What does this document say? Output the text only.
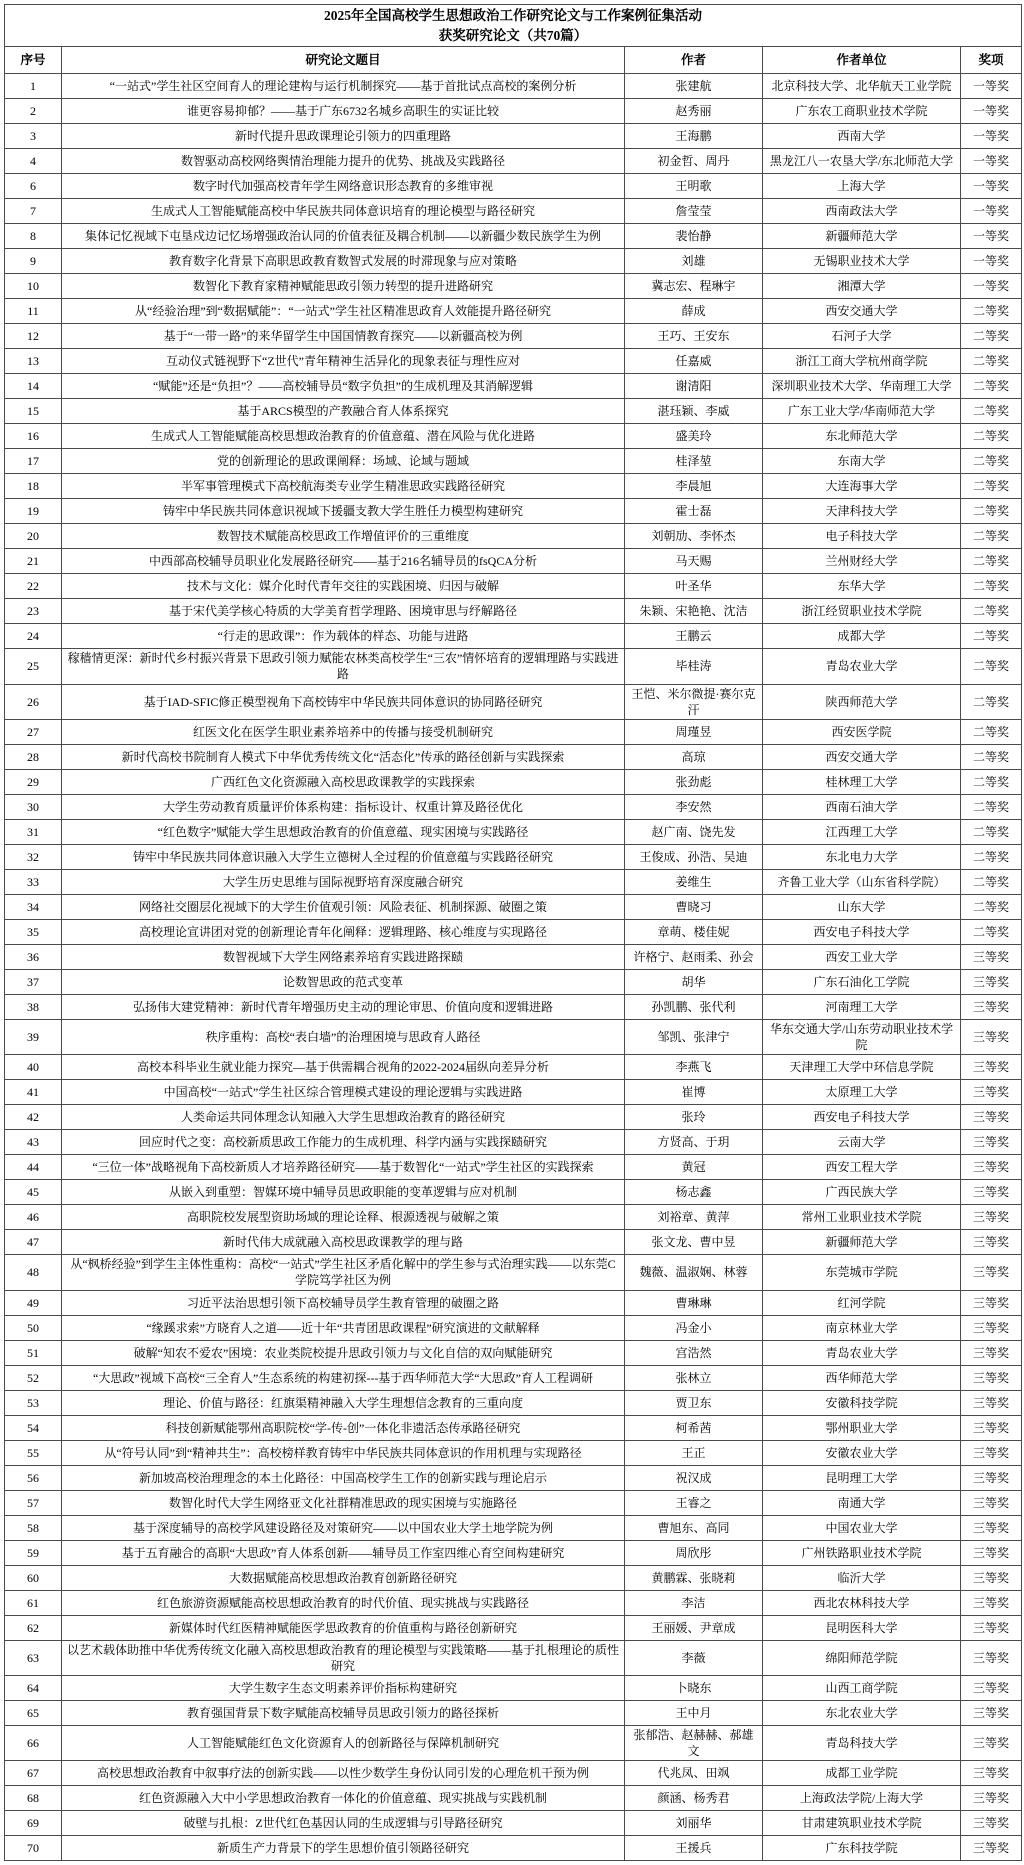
2025年全国高校学生思想政治工作研究论文与工作案例征集活动
获奖研究论文（共70篇）				

序号	研究论文题目	作者	作者单位	奖项
1	“一站式”学生社区空间育人的理论建构与运行机制探究——基于首批试点高校的案例分析	张建航	北京科技大学、北华航天工业学院	一等奖
2	谁更容易抑郁？——基于广东6732名城乡高职生的实证比较	赵秀丽	广东农工商职业技术学院	一等奖
3	新时代提升思政课理论引领力的四重理路	王海鹏	西南大学	一等奖
4	数智驱动高校网络舆情治理能力提升的优势、挑战及实践路径	初金哲、周丹	黑龙江八一农垦大学/东北师范大学	一等奖
6	数字时代加强高校青年学生网络意识形态教育的多维审视	王明歌	上海大学	一等奖
7	生成式人工智能赋能高校中华民族共同体意识培育的理论模型与路径研究	詹莹莹	西南政法大学	一等奖
8	集体记忆视域下屯垦戍边记忆场增强政治认同的价值表征及耦合机制——以新疆少数民族学生为例	裴怡静	新疆师范大学	一等奖
9	教育数字化背景下高职思政教育数智式发展的时滞现象与应对策略	刘雄	无锡职业技术大学	一等奖
10	数智化下教育家精神赋能思政引领力转型的提升进路研究	冀志宏、程琳宇	湘潭大学	一等奖
11	从“经验治理”到“数据赋能”：“一站式”学生社区精准思政育人效能提升路径研究	薛成	西安交通大学	二等奖
12	基于“一带一路”的来华留学生中国国情教育探究——以新疆高校为例	王巧、王安东	石河子大学	二等奖
13	互动仪式链视野下“Z世代”青年精神生活异化的现象表征与理性应对	任嘉威	浙江工商大学杭州商学院	二等奖
14	“赋能”还是“负担”？——高校辅导员“数字负担”的生成机理及其消解逻辑	谢清阳	深圳职业技术大学、华南理工大学	二等奖
15	基于ARCS模型的产教融合育人体系探究	湛珏颖、李威	广东工业大学/华南师范大学	二等奖
16	生成式人工智能赋能高校思想政治教育的价值意蕴、潜在风险与优化进路	盛美玲	东北师范大学	二等奖
17	党的创新理论的思政课阐释：场域、论域与题域	桂泽堃	东南大学	二等奖
18	半军事管理模式下高校航海类专业学生精准思政实践路径研究	李晨旭	大连海事大学	二等奖
19	铸牢中华民族共同体意识视域下援疆支教大学生胜任力模型构建研究	霍士磊	天津科技大学	二等奖
20	数智技术赋能高校思政工作增值评价的三重维度	刘朝劢、李怀杰	电子科技大学	二等奖
21	中西部高校辅导员职业化发展路径研究——基于216名辅导员的fsQCA分析	马天赐	兰州财经大学	二等奖
22	技术与文化：媒介化时代青年交往的实践困境、归因与破解	叶圣华	东华大学	二等奖
23	基于宋代美学核心特质的大学美育哲学理路、困境审思与纾解路径	朱颖、宋艳艳、沈洁	浙江经贸职业技术学院	二等奖
24	“行走的思政课”：作为载体的样态、功能与进路	王鹏云	成都大学	二等奖
25	稼穑情更深：新时代乡村振兴背景下思政引领力赋能农林类高校学生“三农”情怀培育的逻辑理路与实践进路	毕桂涛	青岛农业大学	二等奖
26	基于IAD-SFIC修正模型视角下高校铸牢中华民族共同体意识的协同路径研究	王恺、米尔微提·赛尔克汗	陕西师范大学	二等奖
27	红医文化在医学生职业素养培养中的传播与接受机制研究	周瑾昱	西安医学院	二等奖
28	新时代高校书院制育人模式下中华优秀传统文化“活态化”传承的路径创新与实践探索	高琼	西安交通大学	二等奖
29	广西红色文化资源融入高校思政课教学的实践探索	张劲彪	桂林理工大学	二等奖
30	大学生劳动教育质量评价体系构建：指标设计、权重计算及路径优化	李安然	西南石油大学	二等奖
31	“红色数字”赋能大学生思想政治教育的价值意蕴、现实困境与实践路径	赵广南、饶先发	江西理工大学	二等奖
32	铸牢中华民族共同体意识融入大学生立德树人全过程的价值意蕴与实践路径研究	王俊成、孙浩、吴迪	东北电力大学	二等奖
33	大学生历史思维与国际视野培育深度融合研究	姜维生	齐鲁工业大学（山东省科学院）	二等奖
34	网络社交圈层化视域下的大学生价值观引领：风险表征、机制探源、破圈之策	曹晓习	山东大学	二等奖
35	高校理论宣讲团对党的创新理论青年化阐释：逻辑理路、核心维度与实现路径	章萌、楼佳妮	西安电子科技大学	二等奖
36	数智视域下大学生网络素养培育实践进路探赜	许格宁、赵雨柔、孙会	西安工业大学	三等奖
37	论数智思政的范式变革	胡华	广东石油化工学院	三等奖
38	弘扬伟大建党精神：新时代青年增强历史主动的理论审思、价值向度和逻辑进路	孙凯鹏、张代利	河南理工大学	三等奖
39	秩序重构：高校“表白墙”的治理困境与思政育人路径	邹凯、张津宁	华东交通大学/山东劳动职业技术学院	三等奖
40	高校本科毕业生就业能力探究—基于供需耦合视角的2022-2024届纵向差异分析	李燕飞	天津理工大学中环信息学院	三等奖
41	中国高校“一站式”学生社区综合管理模式建设的理论逻辑与实践进路	崔博	太原理工大学	三等奖
42	人类命运共同体理念认知融入大学生思想政治教育的路径研究	张玲	西安电子科技大学	三等奖
43	回应时代之变：高校新质思政工作能力的生成机理、科学内涵与实践探赜研究	方贤高、于玥	云南大学	三等奖
44	“三位一体”战略视角下高校新质人才培养路径研究——基于数智化“一站式”学生社区的实践探索	黄冠	西安工程大学	三等奖
45	从嵌入到重塑：智媒环境中辅导员思政职能的变革逻辑与应对机制	杨志鑫	广西民族大学	三等奖
46	高职院校发展型资助场域的理论诠释、根源透视与破解之策	刘裕章、黄萍	常州工业职业技术学院	三等奖
47	新时代伟大成就融入高校思政课教学的理与路	张文龙、曹中昱	新疆师范大学	三等奖
48	从“枫桥经验”到学生主体性重构：高校“一站式”学生社区矛盾化解中的学生参与式治理实践——以东莞C学院笃学社区为例	魏薇、温淑娴、林蓉	东莞城市学院	三等奖
49	习近平法治思想引领下高校辅导员学生教育管理的破圈之路	曹琳琳	红河学院	三等奖
50	“缘蹊求索”方晓育人之道——近十年“共青团思政课程”研究演进的文献解释	冯金小	南京林业大学	三等奖
51	破解“知农不爱农”困境：农业类院校提升思政引领力与文化自信的双向赋能研究	宫浩然	青岛农业大学	三等奖
52	“大思政”视域下高校“三全育人”生态系统的构建初探---基于西华师范大学“大思政”育人工程调研	张林立	西华师范大学	三等奖
53	理论、价值与路径：红旗渠精神融入大学生理想信念教育的三重向度	贾卫东	安徽科技学院	三等奖
54	科技创新赋能鄂州高职院校“学-传-创”一体化非遗活态传承路径研究	柯希茜	鄂州职业大学	三等奖
55	从“符号认同”到“精神共生”：高校榜样教育铸牢中华民族共同体意识的作用机理与实现路径	王正	安徽农业大学	三等奖
56	新加坡高校治理理念的本土化路径：中国高校学生工作的创新实践与理论启示	祝汉成	昆明理工大学	三等奖
57	数智化时代大学生网络亚文化社群精准思政的现实困境与实施路径	王睿之	南通大学	三等奖
58	基于深度辅导的高校学风建设路径及对策研究——以中国农业大学土地学院为例	曹旭东、高同	中国农业大学	三等奖
59	基于五育融合的高职“大思政”育人体系创新——辅导员工作室四维心育空间构建研究	周欣彤	广州铁路职业技术学院	三等奖
60	大数据赋能高校思想政治教育创新路径研究	黄鹏霖、张晓莉	临沂大学	三等奖
61	红色旅游资源赋能高校思想政治教育的时代价值、现实挑战与实践路径	李洁	西北农林科技大学	三等奖
62	新媒体时代红医精神赋能医学思政教育的价值重构与路径创新研究	王丽媛、尹章成	昆明医科大学	三等奖
63	以艺术载体助推中华优秀传统文化融入高校思想政治教育的理论模型与实践策略——基于扎根理论的质性研究	李薇	绵阳师范学院	三等奖
64	大学生数字生态文明素养评价指标构建研究	卜晓东	山西工商学院	三等奖
65	教育强国背景下数字赋能高校辅导员思政引领力的路径探析	王中月	东北农业大学	三等奖
66	人工智能赋能红色文化资源育人的创新路径与保障机制研究	张郁浩、赵赫赫、郝雄文	青岛科技大学	三等奖
67	高校思想政治教育中叙事疗法的创新实践——以性少数学生身份认同引发的心理危机干预为例	代兆凤、田飒	成都工业学院	三等奖
68	红色资源融入大中小学思想政治教育一体化的价值意蕴、现实挑战与实践机制	颜涵、杨秀君	上海政法学院/上海大学	三等奖
69	破壁与扎根：Z世代红色基因认同的生成逻辑与引导路径研究	刘丽华	甘肃建筑职业技术学院	三等奖
70	新质生产力背景下的学生思想价值引领路径研究	王援兵	广东科技学院	三等奖
